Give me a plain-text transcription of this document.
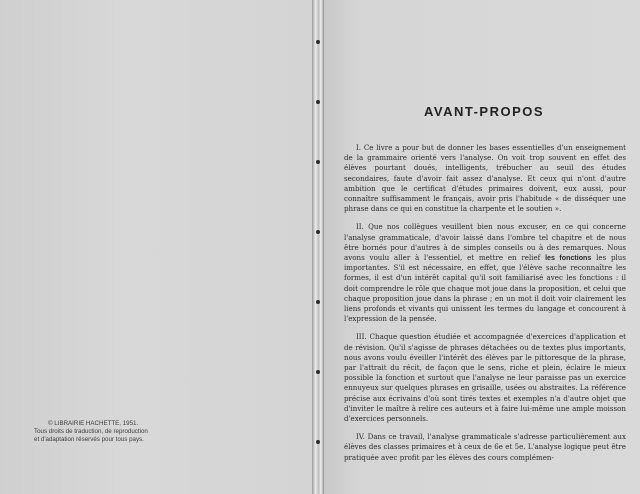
© LIBRAIRIE HACHETTE, 1951.
Tous droits de traduction, de reproduction
et d'adaptation réservés pour tous pays.
AVANT-PROPOS

I. Ce livre a pour but de donner les bases essentielles d'un enseignement de la grammaire orienté vers l'analyse. On voit trop souvent en effet des élèves pourtant doués, intelligents, trébucher au seuil des études secondaires, faute d'avoir fait assez d'analyse. Et ceux qui n'ont d'autre ambition que le certificat d'études primaires doivent, eux aussi, pour connaître suffisamment le français, avoir pris l'habitude « de disséquer une phrase dans ce qui en constitue la charpente et le soutien ».

II. Que nos collègues veuillent bien nous excuser, en ce qui concerne l'analyse grammaticale, d'avoir laissé dans l'ombre tel chapitre et de nous être bornés pour d'autres à de simples conseils ou à des remarques. Nous avons voulu aller à l'essentiel, et mettre en relief les fonctions les plus importantes. S'il est nécessaire, en effet, que l'élève sache reconnaître les formes, il est d'un intérêt capital qu'il soit familiarisé avec les fonctions : il doit comprendre le rôle que chaque mot joue dans la proposition, et celui que chaque proposition joue dans la phrase ; en un mot il doit voir clairement les liens profonds et vivants qui unissent les termes du langage et concourent à l'expression de la pensée.

III. Chaque question étudiée et accompagnée d'exercices d'application et de révision. Qu'il s'agisse de phrases détachées ou de textes plus importants, nous avons voulu éveiller l'intérêt des élèves par le pittoresque de la phrase, par l'attrait du récit, de façon que le sens, riche et plein, éclaire le mieux possible la fonction et surtout que l'analyse ne leur paraisse pas un exercice ennuyeux sur quelques phrases en grisaille, usées ou abstraites. La référence précise aux écrivains d'où sont tirés textes et exemples n'a d'autre objet que d'inviter le maître à relire ces auteurs et à faire lui-même une ample moisson d'exercices personnels.

IV. Dans ce travail, l'analyse grammaticale s'adresse particulièrement aux élèves des classes primaires et à ceux de 6e et 5e. L'analyse logique peut être pratiquée avec profit par les élèves des cours complémen-
